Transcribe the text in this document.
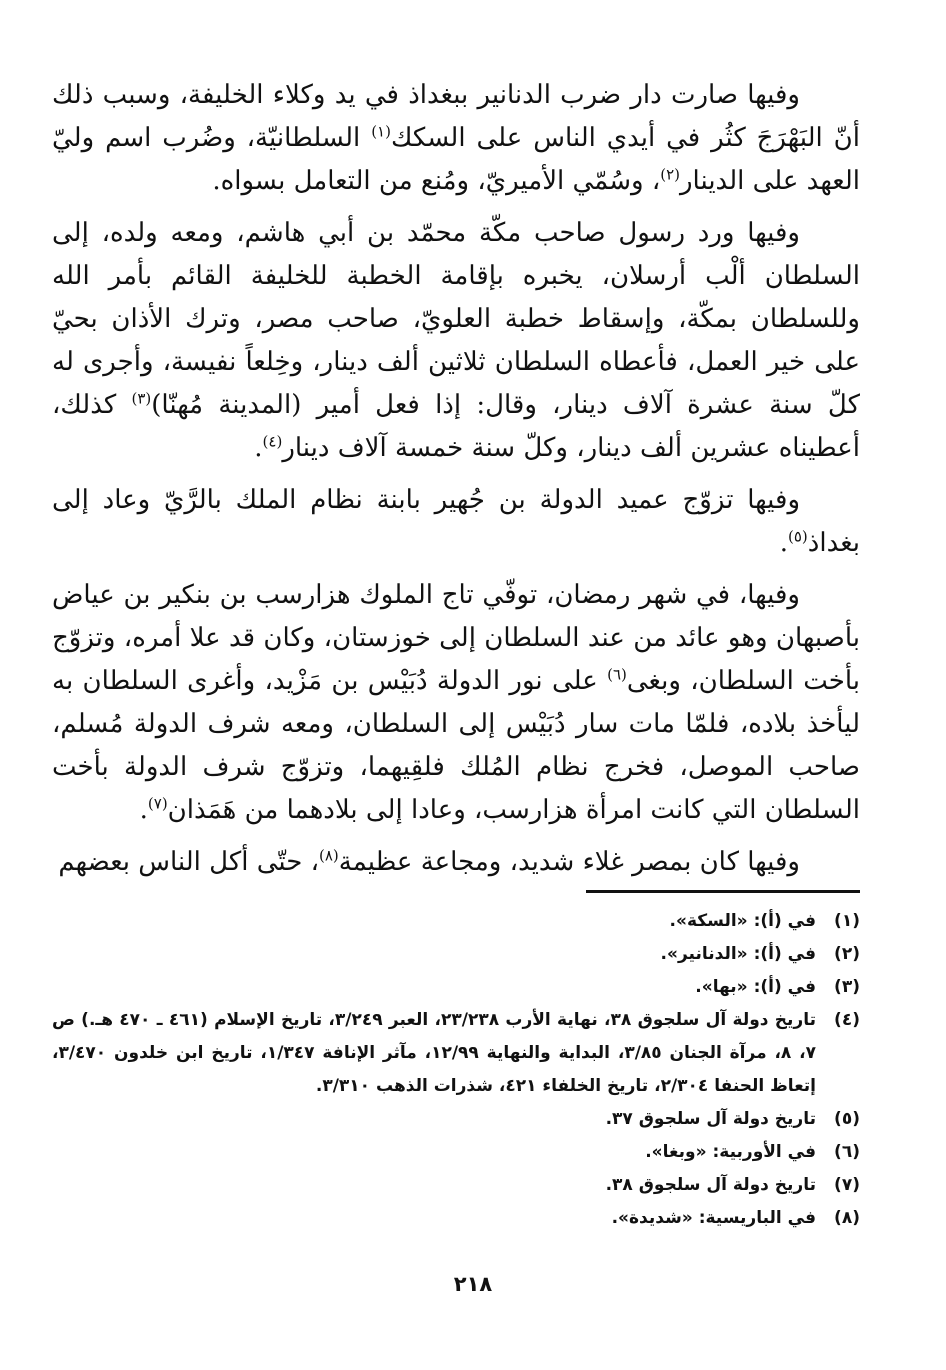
وفيها صارت دار ضرب الدنانير ببغداذ في يد وكلاء الخليفة، وسبب ذلك أنّ البَهْرَجَ كثُر في أيدي الناس على السكك$^{(١)}$ السلطانيّة، وضُرب اسم وليّ العهد على الدينار$^{(٢)}$، وسُمّي الأميريّ، ومُنع من التعامل بسواه.

وفيها ورد رسول صاحب مكّة محمّد بن أبي هاشم، ومعه ولده، إلى السلطان ألْب أرسلان، يخبره بإقامة الخطبة للخليفة القائم بأمر الله وللسلطان بمكّة، وإسقاط خطبة العلويّ، صاحب مصر، وترك الأذان بحيّ على خير العمل، فأعطاه السلطان ثلاثين ألف دينار، وخِلعاً نفيسة، وأجرى له كلّ سنة عشرة آلاف دينار، وقال: إذا فعل أمير (المدينة مُهنّا)$^{(٣)}$ كذلك، أعطيناه عشرين ألف دينار، وكلّ سنة خمسة آلاف دينار$^{(٤)}$.

وفيها تزوّج عميد الدولة بن جُهير بابنة نظام الملك بالرَّيّ وعاد إلى بغداذ$^{(٥)}$.

وفيها، في شهر رمضان، توفّي تاج الملوك هزارسب بن بنكير بن عياض بأصبهان وهو عائد من عند السلطان إلى خوزستان، وكان قد علا أمره، وتزوّج بأخت السلطان، وبغى$^{(٦)}$ على نور الدولة دُبَيْس بن مَزْيد، وأغرى السلطان به ليأخذ بلاده، فلمّا مات سار دُبَيْس إلى السلطان، ومعه شرف الدولة مُسلم، صاحب الموصل، فخرج نظام المُلك فلقِيهما، وتزوّج شرف الدولة بأخت السلطان التي كانت امرأة هزارسب، وعادا إلى بلادهما من هَمَذان$^{(٧)}$.

وفيها كان بمصر غلاء شديد، ومجاعة عظيمة$^{(٨)}$، حتّى أكل الناس بعضهم

(١)
في (أ): «السكة».
(٢)
في (أ): «الدنانير».
(٣)
في (أ): «بها».
(٤)
تاريخ دولة آل سلجوق ٣٨، نهاية الأرب ٢٣/٢٣٨، العبر ٣/٢٤٩، تاريخ الإسلام (٤٦١ ـ ٤٧٠ هـ.) ص ٧، ٨، مرآة الجنان ٣/٨٥، البداية والنهاية ١٢/٩٩، مآثر الإنافة ١/٣٤٧، تاريخ ابن خلدون ٣/٤٧٠، إتعاظ الحنفا ٢/٣٠٤، تاريخ الخلفاء ٤٢١، شذرات الذهب ٣/٣١٠.
(٥)
تاريخ دولة آل سلجوق ٣٧.
(٦)
في الأوربية: «وبغا».
(٧)
تاريخ دولة آل سلجوق ٣٨.
(٨)
في الباريسية: «شديدة».
٢١٨
